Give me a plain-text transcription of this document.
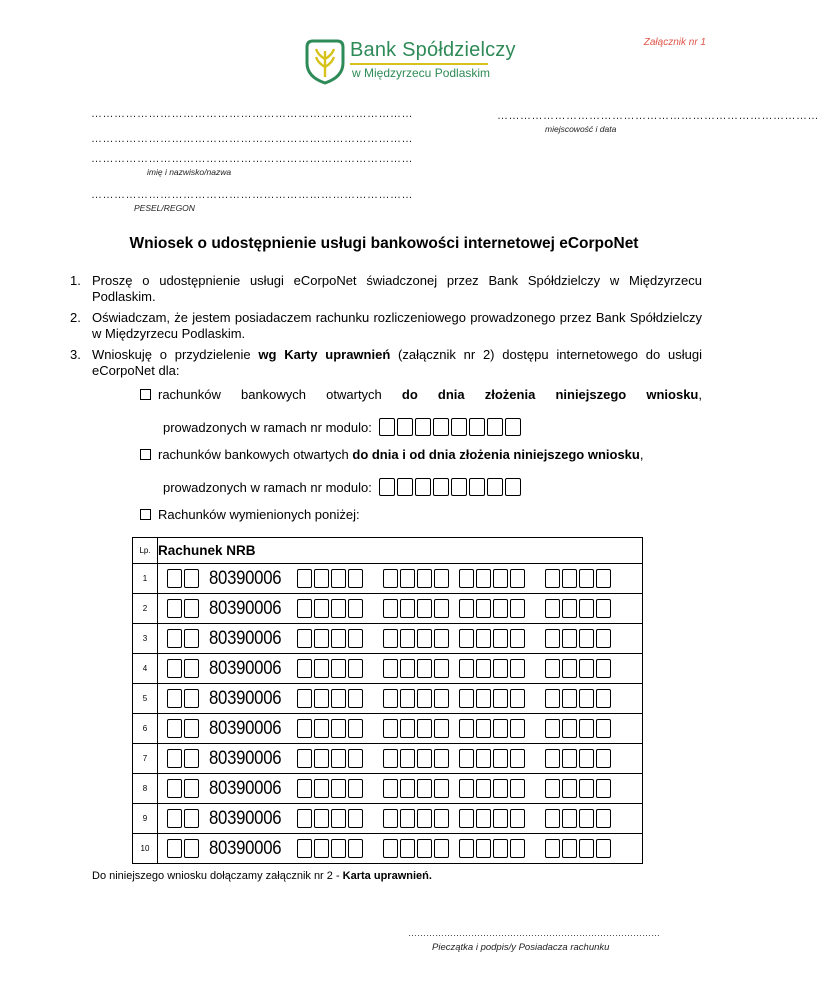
Załącznik nr 1
Bank Spółdzielczy
w Międzyrzecu Podlaskim
…………………………………………………………………………
…………………………………………………………………………
…………………………………………………………………………
imię i nazwisko/nazwa
…………………………………………………………………………
PESEL/REGON
…………………………………………………………………………
miejscowość i data
Wniosek o udostępnienie usługi bankowości internetowej eCorpoNet
1. Proszę o udostępnienie usługi eCorpoNet świadczonej przez Bank Spółdzielczy w Międzyrzecu Podlaskim.
2. Oświadczam, że jestem posiadaczem rachunku rozliczeniowego prowadzonego przez Bank Spółdzielczy w Międzyrzecu Podlaskim.
3. Wnioskuję o przydzielenie wg Karty uprawnień (załącznik nr 2) dostępu internetowego do usługi eCorpoNet dla:
rachunków bankowych otwartych do dnia złożenia niniejszego wniosku,
prowadzonych w ramach nr modulo:
rachunków bankowych otwartych do dnia i od dnia złożenia niniejszego wniosku,
prowadzonych w ramach nr modulo:
Rachunków wymienionych poniżej:
Lp.	Rachunek NRB
1	80390006

2	80390006

3	80390006

4	80390006

5	80390006

6	80390006

7	80390006

8	80390006

9	80390006

10	80390006
Do niniejszego wniosku dołączamy załącznik nr 2 - Karta uprawnień.
…………………………………………………………………………
Pieczątka i podpis/y Posiadacza rachunku
